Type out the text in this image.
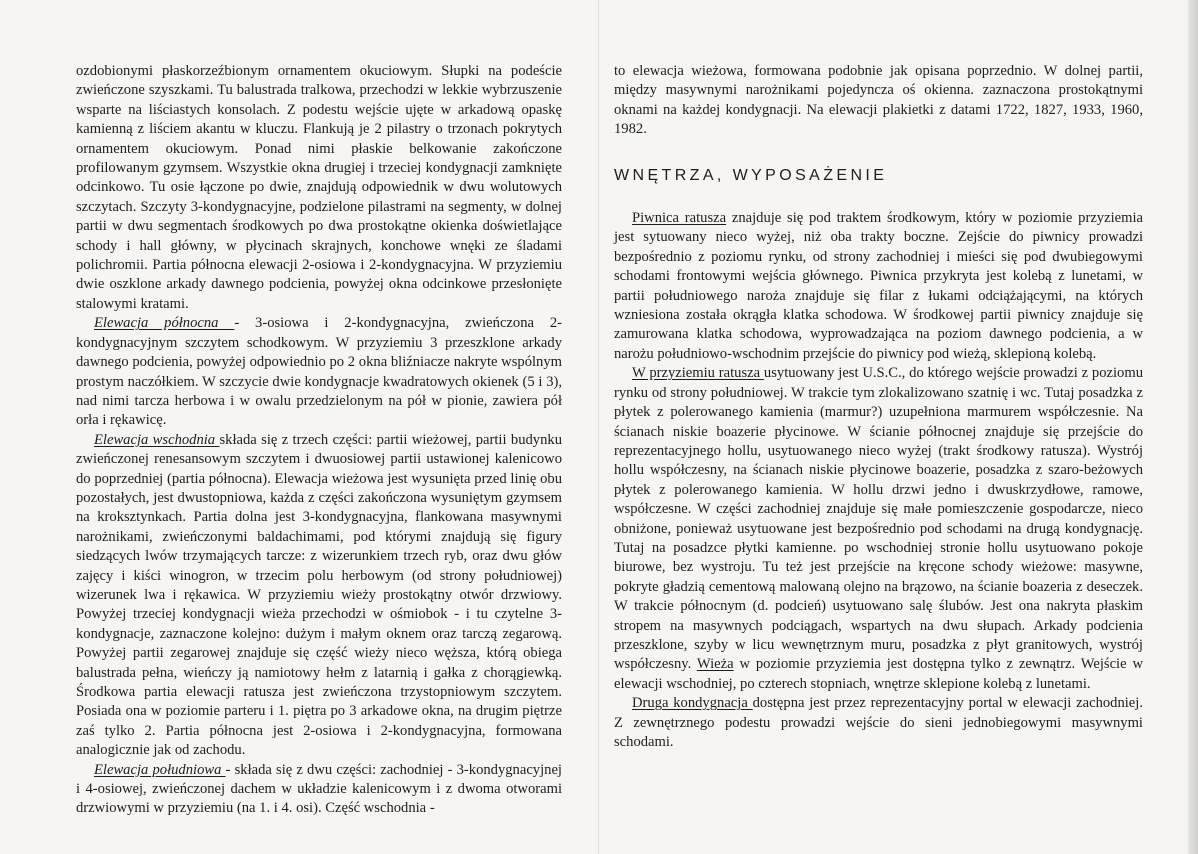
ozdobionymi płaskorzeźbionym ornamentem okuciowym. Słupki na podeście zwieńczone szyszkami. Tu balustrada tralkowa, przechodzi w lekkie wybrzuszenie wsparte na liściastych konsolach. Z podestu wejście ujęte w arkadową opaskę kamienną z liściem akantu w kluczu. Flankują je 2 pilastry o trzonach pokrytych ornamentem okuciowym. Ponad nimi płaskie belkowanie zakończone profilowanym gzymsem. Wszystkie okna drugiej i trzeciej kondygnacji zamknięte odcinkowo. Tu osie łączone po dwie, znajdują odpowiednik w dwu wolutowych szczytach. Szczyty 3-kondygnacyjne, podzielone pilastrami na segmenty, w dolnej partii w dwu segmentach środkowych po dwa prostokątne okienka doświetlające schody i hall główny, w płycinach skrajnych, konchowe wnęki ze śladami polichromii. Partia północna elewacji 2-osiowa i 2-kondygnacyjna. W przyziemiu dwie oszklone arkady dawnego podcienia, powyżej okna odcinkowe przesłonięte stalowymi kratami.

Elewacja północna - 3-osiowa i 2-kondygnacyjna, zwieńczona 2-kondygnacyjnym szczytem schodkowym. W przyziemiu 3 przeszklone arkady dawnego podcienia, powyżej odpowiednio po 2 okna bliźniacze nakryte wspólnym prostym naczółkiem. W szczycie dwie kondygnacje kwadratowych okienek (5 i 3), nad nimi tarcza herbowa i w owalu przedzielonym na pół w pionie, zawiera pół orła i rękawicę.

Elewacja wschodnia składa się z trzech części: partii wieżowej, partii budynku zwieńczonej renesansowym szczytem i dwuosiowej partii ustawionej kalenicowo do poprzedniej (partia północna). Elewacja wieżowa jest wysunięta przed linię obu pozostałych, jest dwustopniowa, każda z części zakończona wysuniętym gzymsem na kroksztynkach. Partia dolna jest 3-kondygnacyjna, flankowana masywnymi narożnikami, zwieńczonymi baldachimami, pod którymi znajdują się figury siedzących lwów trzymających tarcze: z wizerunkiem trzech ryb, oraz dwu głów zajęcy i kiści winogron, w trzecim polu herbowym (od strony południowej) wizerunek lwa i rękawica. W przyziemiu wieży prostokątny otwór drzwiowy. Powyżej trzeciej kondygnacji wieża przechodzi w ośmiobok - i tu czytelne 3-kondygnacje, zaznaczone kolejno: dużym i małym oknem oraz tarczą zegarową. Powyżej partii zegarowej znajduje się część wieży nieco węższa, którą obiega balustrada pełna, wieńczy ją namiotowy hełm z latarnią i gałka z chorągiewką. Środkowa partia elewacji ratusza jest zwieńczona trzystopniowym szczytem. Posiada ona w poziomie parteru i 1. piętra po 3 arkadowe okna, na drugim piętrze zaś tylko 2. Partia północna jest 2-osiowa i 2-kondygnacyjna, formowana analogicznie jak od zachodu.

Elewacja południowa - składa się z dwu części: zachodniej - 3-kondygnacyjnej i 4-osiowej, zwieńczonej dachem w układzie kalenicowym i z dwoma otworami drzwiowymi w przyziemiu (na 1. i 4. osi). Część wschodnia -

to elewacja wieżowa, formowana podobnie jak opisana poprzednio. W dolnej partii, między masywnymi narożnikami pojedyncza oś okienna. zaznaczona prostokątnymi oknami na każdej kondygnacji. Na elewacji plakietki z datami 1722, 1827, 1933, 1960, 1982.

WNĘTRZA, WYPOSAŻENIE

Piwnica ratusza znajduje się pod traktem środkowym, który w poziomie przyziemia jest sytuowany nieco wyżej, niż oba trakty boczne. Zejście do piwnicy prowadzi bezpośrednio z poziomu rynku, od strony zachodniej i mieści się pod dwubiegowymi schodami frontowymi wejścia głównego. Piwnica przykryta jest kolebą z lunetami, w partii południowego naroża znajduje się filar z łukami odciążającymi, na których wzniesiona została okrągła klatka schodowa. W środkowej partii piwnicy znajduje się zamurowana klatka schodowa, wyprowadzająca na poziom dawnego podcienia, a w narożu południowo-wschodnim przejście do piwnicy pod wieżą, sklepioną kolebą.

W przyziemiu ratusza usytuowany jest U.S.C., do którego wejście prowadzi z poziomu rynku od strony południowej. W trakcie tym zlokalizowano szatnię i wc. Tutaj posadzka z płytek z polerowanego kamienia (marmur?) uzupełniona marmurem współczesnie. Na ścianach niskie boazerie płycinowe. W ścianie północnej znajduje się przejście do reprezentacyjnego hollu, usytuowanego nieco wyżej (trakt środkowy ratusza). Wystrój hollu współczesny, na ścianach niskie płycinowe boazerie, posadzka z szaro-beżowych płytek z polerowanego kamienia. W hollu drzwi jedno i dwuskrzydłowe, ramowe, współczesne. W części zachodniej znajduje się małe pomieszczenie gospodarcze, nieco obniżone, ponieważ usytuowane jest bezpośrednio pod schodami na drugą kondygnację. Tutaj na posadzce płytki kamienne. po wschodniej stronie hollu usytuowano pokoje biurowe, bez wystroju. Tu też jest przejście na kręcone schody wieżowe: masywne, pokryte gładzią cementową malowaną olejno na brązowo, na ścianie boazeria z deseczek. W trakcie północnym (d. podcień) usytuowano salę ślubów. Jest ona nakryta płaskim stropem na masywnych podciągach, wspartych na dwu słupach. Arkady podcienia przeszklone, szyby w licu wewnętrznym muru, posadzka z płyt granitowych, wystrój współczesny. Wieża w poziomie przyziemia jest dostępna tylko z zewnątrz. Wejście w elewacji wschodniej, po czterech stopniach, wnętrze sklepione kolebą z lunetami.

Druga kondygnacja dostępna jest przez reprezentacyjny portal w elewacji zachodniej. Z zewnętrznego podestu prowadzi wejście do sieni jednobiegowymi masywnymi schodami.
